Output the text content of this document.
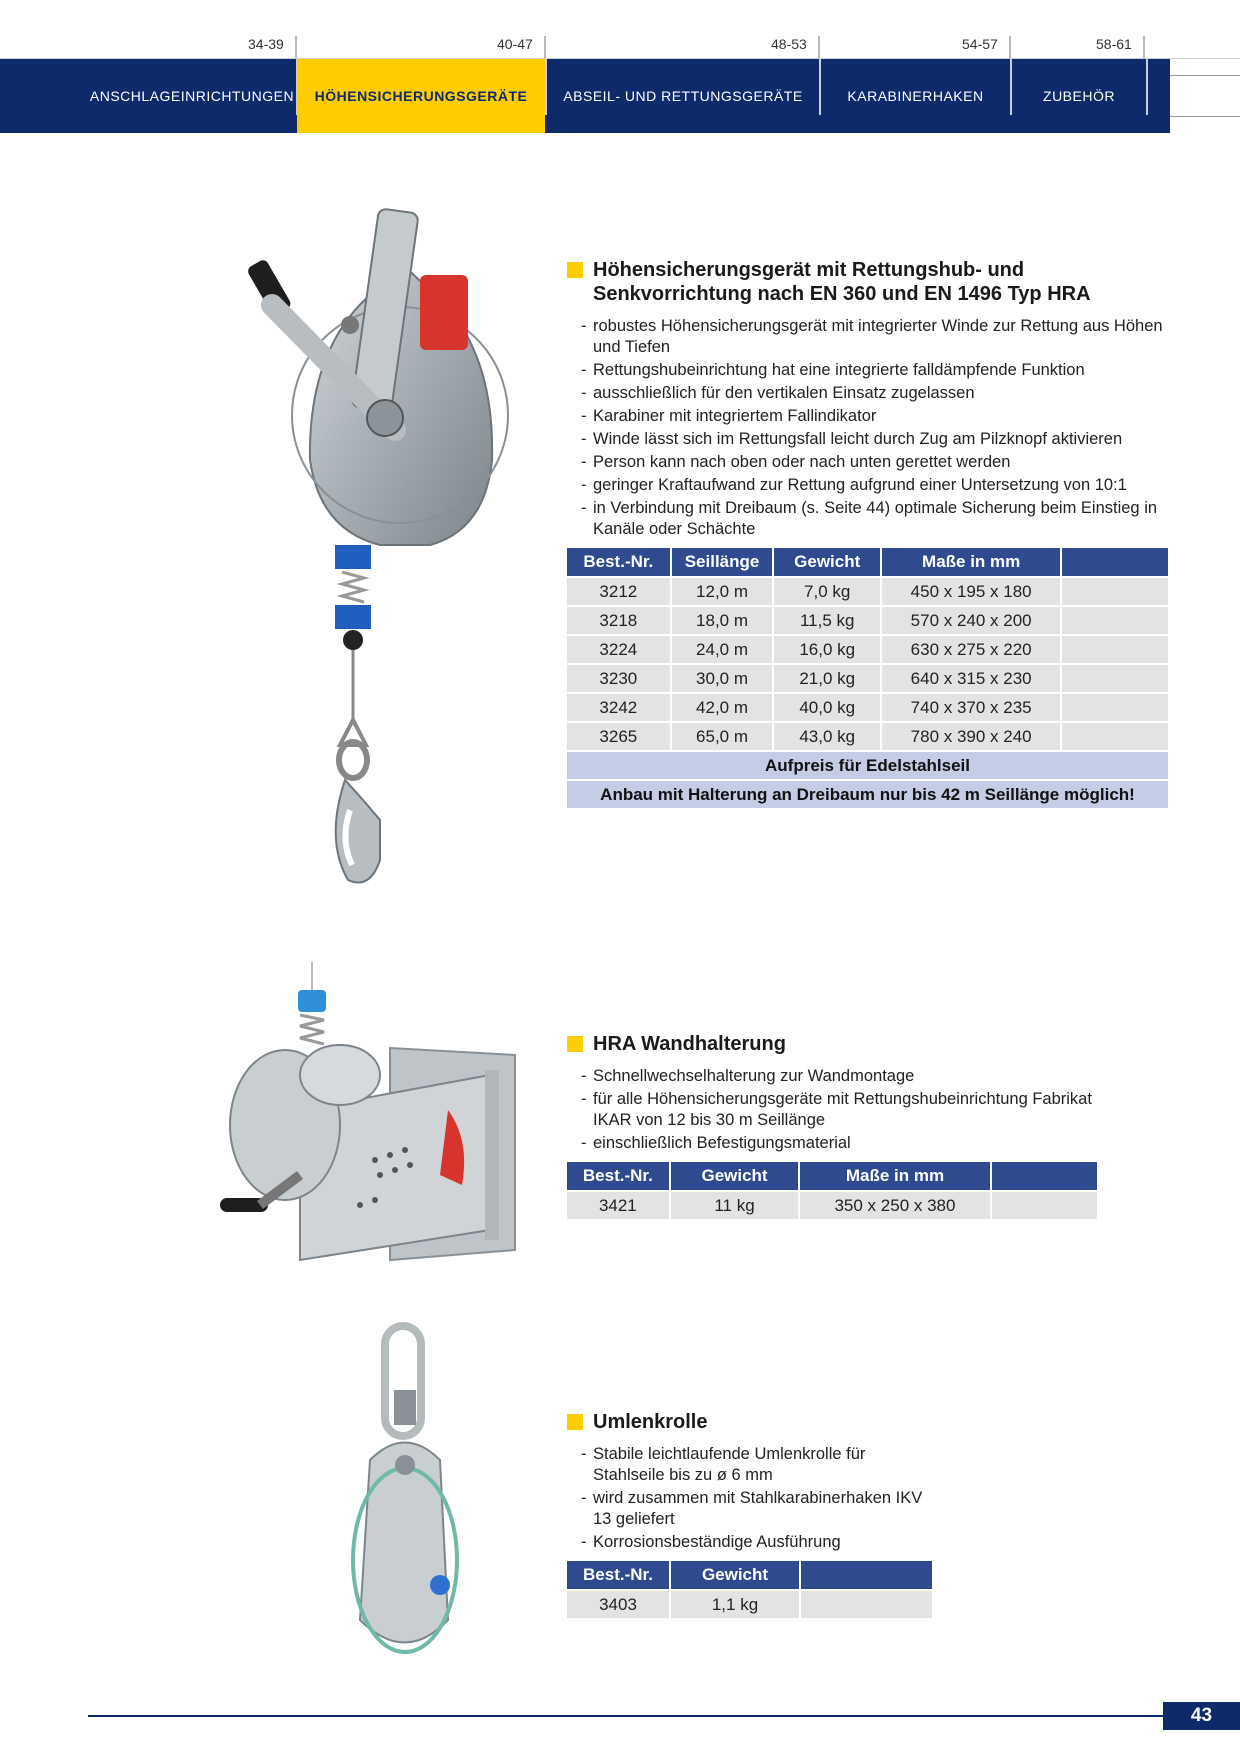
34-39	40-47	48-53	54-57	58-61
ANSCHLAGEINRICHTUNGEN	HÖHENSICHERUNGSGERÄTE	ABSEIL- UND RETTUNGSGERÄTE	KARABINERHAKEN	ZUBEHÖR
Höhensicherungsgerät mit Rettungshub- und
Senkvorrichtung nach EN 360 und EN 1496 Typ HRA
- robustes Höhensicherungsgerät mit integrierter Winde zur Rettung aus Höhen und Tiefen
- Rettungshubeinrichtung hat eine integrierte falldämpfende Funktion
- ausschließlich für den vertikalen Einsatz zugelassen
- Karabiner mit integriertem Fallindikator
- Winde lässt sich im Rettungsfall leicht durch Zug am Pilzknopf aktivieren
- Person kann nach oben oder nach unten gerettet werden
- geringer Kraftaufwand zur Rettung aufgrund einer Untersetzung von 10:1
- in Verbindung mit Dreibaum (s. Seite 44) optimale Sicherung beim Einstieg in Kanäle oder Schächte
Best.-Nr.	Seillänge	Gewicht	Maße in mm	
3212	12,0 m	7,0 kg	450 x 195 x 180	
3218	18,0 m	11,5 kg	570 x 240 x 200	
3224	24,0 m	16,0 kg	630 x 275 x 220	
3230	30,0 m	21,0 kg	640 x 315 x 230	
3242	42,0 m	40,0 kg	740 x 370 x 235	
3265	65,0 m	43,0 kg	780 x 390 x 240	
Aufpreis für Edelstahlseil				
Anbau mit Halterung an Dreibaum nur bis 42 m Seillänge möglich!				
HRA Wandhalterung
- Schnellwechselhalterung zur Wandmontage
- für alle Höhensicherungsgeräte mit Rettungshubeinrichtung Fabrikat IKAR von 12 bis 30 m Seillänge
- einschließlich Befestigungsmaterial
Best.-Nr.	Gewicht	Maße in mm	
3421	11 kg	350 x 250 x 380	
Umlenkrolle
- Stabile leichtlaufende Umlenkrolle für Stahlseile bis zu ø 6 mm
- wird zusammen mit Stahlkarabinerhaken IKV 13 geliefert
- Korrosionsbeständige Ausführung
Best.-Nr.	Gewicht	
3403	1,1 kg	
43
